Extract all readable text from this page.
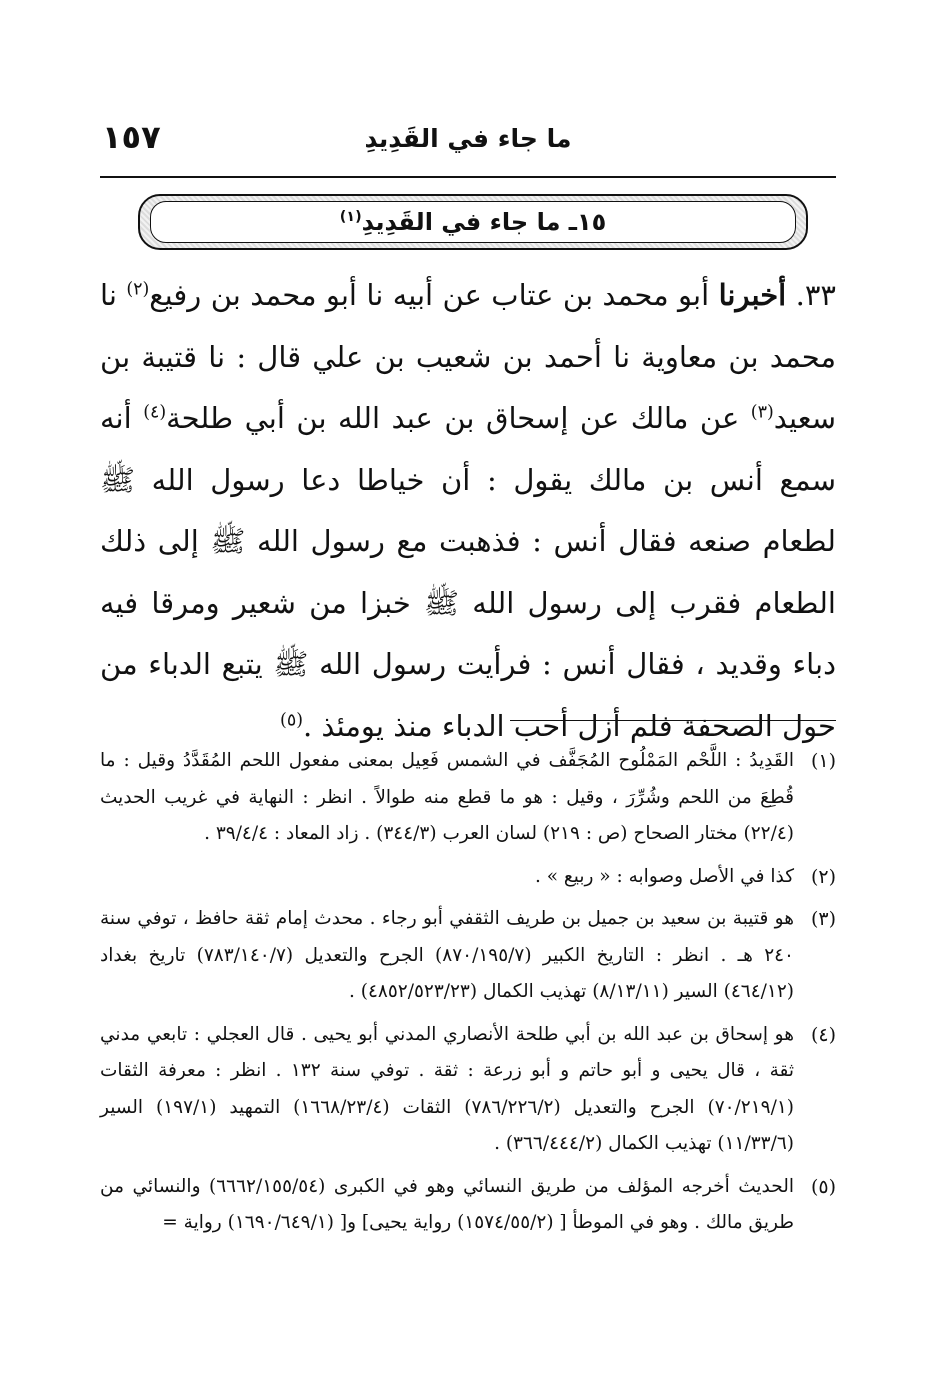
ما جاء في القَدِيدِ
١٥٧
١٥ـ ما جاء في القَدِيدِ$^{(١)}$
٣٣. أخبرنا أبو محمد بن عتاب عن أبيه نا أبو محمد بن رفيع$^{(٢)}$ نا محمد بن معاوية نا أحمد بن شعيب بن علي قال : نا قتيبة بن سعيد$^{(٣)}$ عن مالك عن إسحاق بن عبد الله بن أبي طلحة$^{(٤)}$ أنه سمع أنس بن مالك يقول : أن خياطا دعا رسول الله ﷺ لطعام صنعه فقال أنس : فذهبت مع رسول الله ﷺ إلى ذلك الطعام فقرب إلى رسول الله ﷺ خبزا من شعير ومرقا فيه دباء وقديد ، فقال أنس : فرأيت رسول الله ﷺ يتبع الدباء من حول الصحفة فلم أزل أحب الدباء منذ يومئذ .$^{(٥)}$
(١)
القَدِيدُ : اللَّحْم المَمْلُوح المُجَفَّف في الشمس فَعِيل بمعنى مفعول اللحم المُقَدَّدُ وقيل : ما قُطِعَ من اللحم وشُرِّرَ ، وقيل : هو ما قطع منه طوالاً . انظر : النهاية في غريب الحديث (٢٢/٤) مختار الصحاح (ص : ٢١٩) لسان العرب (٣٤٤/٣) . زاد المعاد : ٣٩/٤/٤ .
(٢)
كذا في الأصل وصوابه : « ربيع » .
(٣)
هو قتيبة بن سعيد بن جميل بن طريف الثقفي أبو رجاء . محدث إمام ثقة حافظ ، توفي سنة ٢٤٠ هـ . انظر : التاريخ الكبير (٨٧٠/١٩٥/٧) الجرح والتعديل (٧٨٣/١٤٠/٧) تاريخ بغداد (٤٦٤/١٢) السير (٨/١٣/١١) تهذيب الكمال (٤٨٥٢/٥٢٣/٢٣) .
(٤)
هو إسحاق بن عبد الله بن أبي طلحة الأنصاري المدني أبو يحيى . قال العجلي : تابعي مدني ثقة ، قال يحيى و أبو حاتم و أبو زرعة : ثقة . توفي سنة ١٣٢ . انظر : معرفة الثقات (٧٠/٢١٩/١) الجرح والتعديل (٧٨٦/٢٢٦/٢) الثقات (١٦٦٨/٢٣/٤) التمهيد (١٩٧/١) السير (١١/٣٣/٦) تهذيب الكمال (٣٦٦/٤٤٤/٢) .
(٥)
الحديث أخرجه المؤلف من طريق النسائي وهو في الكبرى (٦٦٦٢/١٥٥/٥٤) والنسائي من طريق مالك . وهو في الموطأ [ (١٥٧٤/٥٥/٢) رواية يحيى] و[ (١٦٩٠/٦٤٩/١) رواية =
